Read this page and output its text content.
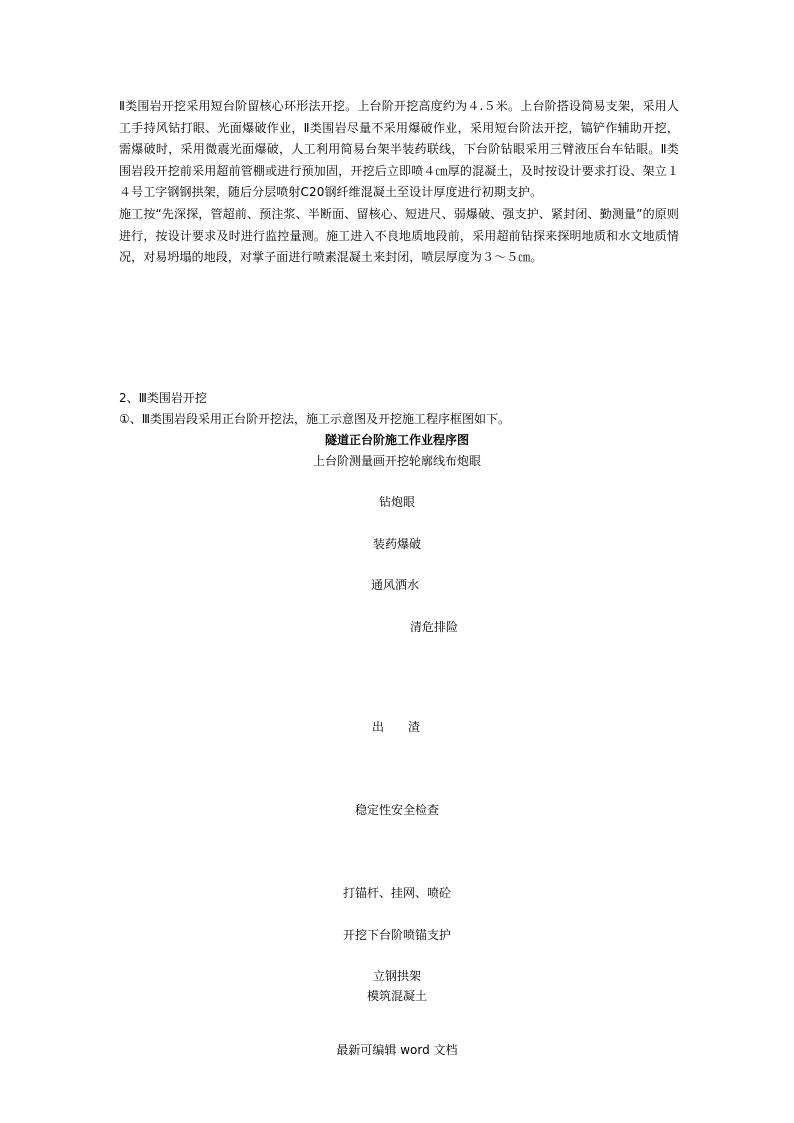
Ⅱ类围岩开挖采用短台阶留核心环形法开挖。上台阶开挖高度约为４.５米。上台阶搭设简易支架，采用人工手持风钻打眼、光面爆破作业，Ⅱ类围岩尽量不采用爆破作业，采用短台阶法开挖，镐铲作辅助开挖，需爆破时，采用微震光面爆破，人工利用简易台架半装药联线，下台阶钻眼采用三臂液压台车钻眼。Ⅱ类围岩段开挖前采用超前管棚或进行预加固，开挖后立即喷４㎝厚的混凝土，及时按设计要求打设、架立１４号工字钢钢拱架，随后分层喷射C20钢纤维混凝土至设计厚度进行初期支护。

施工按“先深探，管超前、预注浆、半断面、留核心、短进尺、弱爆破、强支护、紧封闭、勤测量”的原则进行，按设计要求及时进行监控量测。施工进入不良地质地段前，采用超前钻探来探明地质和水文地质情况，对易坍塌的地段，对掌子面进行喷素混凝土来封闭，喷层厚度为３～５㎝。

2、Ⅲ类围岩开挖

①、Ⅲ类围岩段采用正台阶开挖法，施工示意图及开挖施工程序框图如下。

隧道正台阶施工作业程序图
上台阶测量画开挖轮廓线布炮眼
钻炮眼
装药爆破
通风洒水
清危排险
出　　渣
稳定性安全检查
打锚杆、挂网、喷砼
开挖下台阶喷锚支护
立钢拱架
模筑混凝土
最新可编辑 word 文档
